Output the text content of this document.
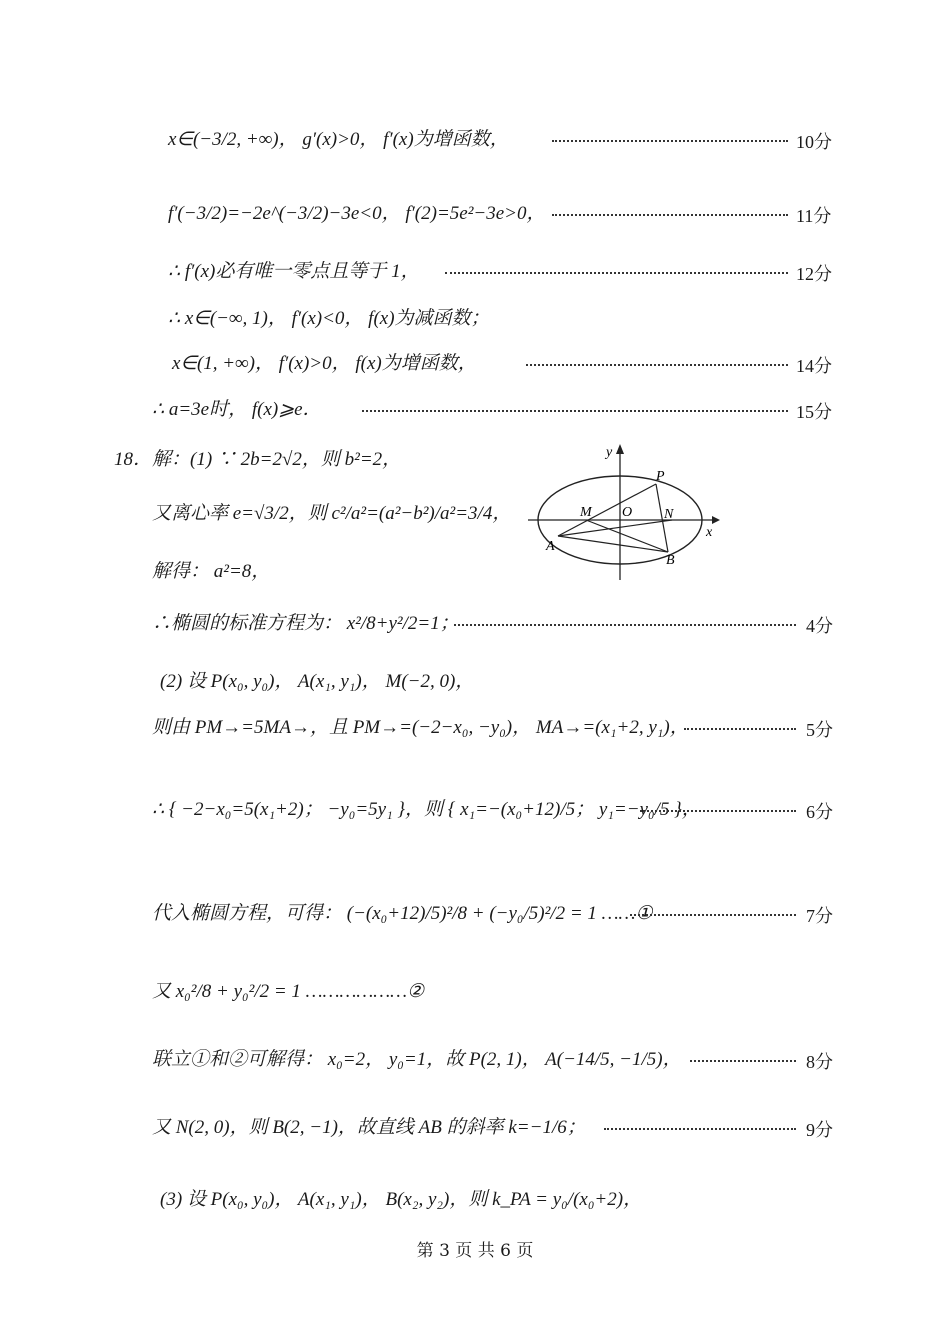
x∈(−3/2, +∞)， g′(x)>0， f′(x)为增函数，	10分
f′(−3/2)=−2e^(−3/2)−3e<0， f′(2)=5e²−3e>0，	11分
∴ f′(x)必有唯一零点且等于 1，	12分
∴ x∈(−∞, 1)， f′(x)<0， f(x)为减函数；
x∈(1, +∞)， f′(x)>0， f(x)为增函数，	14分
∴ a=3e时， f(x)⩾e．	15分
18．解：(1) ∵ 2b=2√2，则 b²=2，
又离心率 e=√3/2，则 c²/a²=(a²−b²)/a²=3/4，
解得： a²=8，
∴椭圆的标准方程为： x²/8+y²/2=1；	4分
(2) 设 P(x₀, y₀)， A(x₁, y₁)， M(−2, 0)，
则由 PM→=5MA→，且 PM→=(−2−x₀, −y₀)， MA→=(x₁+2, y₁)，	5分
∴ { −2−x₀=5(x₁+2)； −y₀=5y₁ }，则 { x₁=−(x₀+12)/5； y₁=−y₀/5 }，	6分
代入椭圆方程，可得： (−(x₀+12)/5)²/8 + (−y₀/5)²/2 = 1 ……①	7分
又 x₀²/8 + y₀²/2 = 1 ………………②
联立①和②可解得： x₀=2， y₀=1，故 P(2, 1)， A(−14/5, −1/5)，	8分
又 N(2, 0)，则 B(2, −1)，故直线 AB 的斜率 k=−1/6；	9分
(3) 设 P(x₀, y₀)， A(x₁, y₁)， B(x₂, y₂)，则 k_PA = y₀/(x₀+2)，
y
x
P
M O N
A
B
第 3 页 共 6 页
